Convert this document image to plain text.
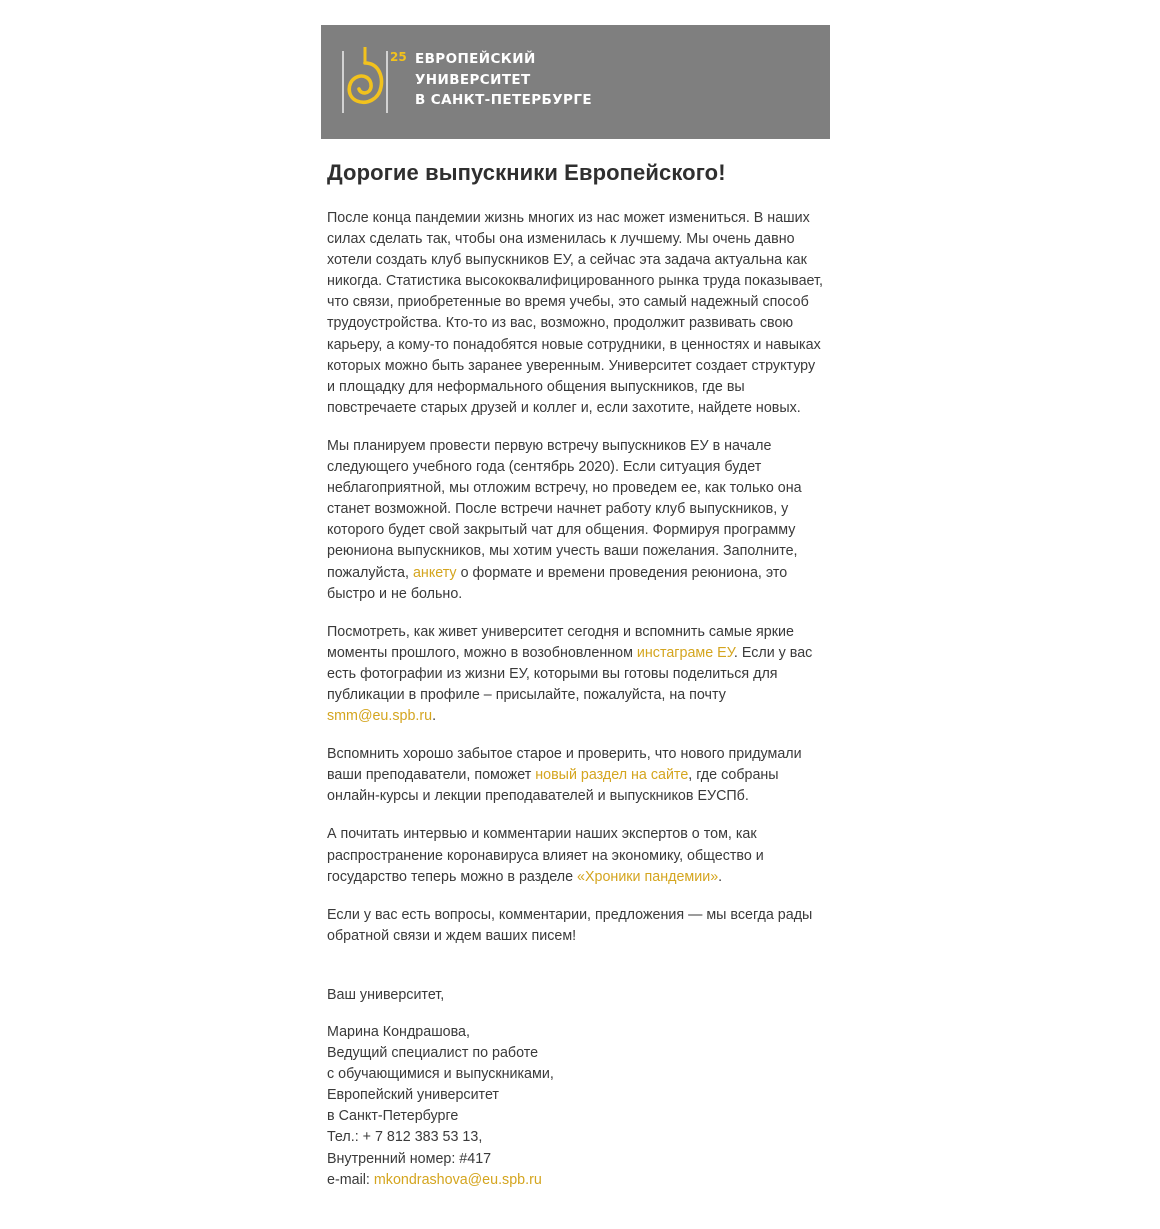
25 ЕВРОПЕЙСКИЙ
УНИВЕРСИТЕТ
В САНКТ-ПЕТЕРБУРГЕ
Дорогие выпускники Европейского!

После конца пандемии жизнь многих из нас может измениться. В наших силах сделать так, чтобы она изменилась к лучшему. Мы очень давно хотели создать клуб выпускников ЕУ, а сейчас эта задача актуальна как никогда. Статистика высококвалифицированного рынка труда показывает, что связи, приобретенные во время учебы, это самый надежный способ трудоустройства. Кто-то из вас, возможно, продолжит развивать свою карьеру, а кому-то понадобятся новые сотрудники, в ценностях и навыках которых можно быть заранее уверенным. Университет создает структуру и площадку для неформального общения выпускников, где вы повстречаете старых друзей и коллег и, если захотите, найдете новых.

Мы планируем провести первую встречу выпускников ЕУ в начале следующего учебного года (сентябрь 2020). Если ситуация будет неблагоприятной, мы отложим встречу, но проведем ее, как только она станет возможной. После встречи начнет работу клуб выпускников, у которого будет свой закрытый чат для общения. Формируя программу реюниона выпускников, мы хотим учесть ваши пожелания. Заполните, пожалуйста, анкету о формате и времени проведения реюниона, это быстро и не больно.

Посмотреть, как живет университет сегодня и вспомнить самые яркие моменты прошлого, можно в возобновленном инстаграме ЕУ. Если у вас есть фотографии из жизни ЕУ, которыми вы готовы поделиться для публикации в профиле – присылайте, пожалуйста, на почту smm@eu.spb.ru.

Вспомнить хорошо забытое старое и проверить, что нового придумали ваши преподаватели, поможет новый раздел на сайте, где собраны онлайн-курсы и лекции преподавателей и выпускников ЕУСПб.

А почитать интервью и комментарии наших экспертов о том, как распространение коронавируса влияет на экономику, общество и государство теперь можно в разделе «Хроники пандемии».

Если у вас есть вопросы, комментарии, предложения — мы всегда рады обратной связи и ждем ваших писем!

Ваш университет,

Марина Кондрашова,
Ведущий специалист по работе
с обучающимися и выпускниками,
Европейский университет
в Санкт-Петербурге
Тел.: + 7 812 383 53 13,
Внутренний номер: #417
e-mail: mkondrashova@eu.spb.ru
